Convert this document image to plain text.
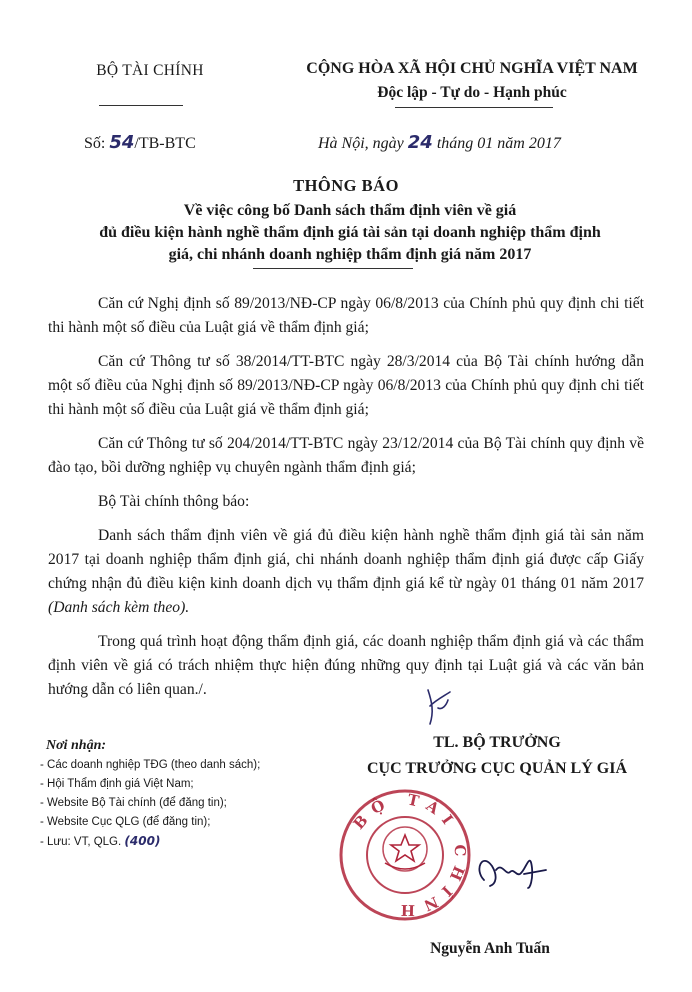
BỘ TÀI CHÍNH	CỘNG HÒA XÃ HỘI CHỦ NGHĨA VIỆT NAM
Độc lập - Tự do - Hạnh phúc
Số: 54/TB-BTC	Hà Nội, ngày 24 tháng 01 năm 2017
THÔNG BÁO
Về việc công bố Danh sách thẩm định viên về giá
đủ điều kiện hành nghề thẩm định giá tài sản tại doanh nghiệp thẩm định
giá, chi nhánh doanh nghiệp thẩm định giá năm 2017

Căn cứ Nghị định số 89/2013/NĐ-CP ngày 06/8/2013 của Chính phủ quy định chi tiết thi hành một số điều của Luật giá về thẩm định giá;

Căn cứ Thông tư số 38/2014/TT-BTC ngày 28/3/2014 của Bộ Tài chính hướng dẫn một số điều của Nghị định số 89/2013/NĐ-CP ngày 06/8/2013 của Chính phủ quy định chi tiết thi hành một số điều của Luật giá về thẩm định giá;

Căn cứ Thông tư số 204/2014/TT-BTC ngày 23/12/2014 của Bộ Tài chính quy định về đào tạo, bồi dưỡng nghiệp vụ chuyên ngành thẩm định giá;

Bộ Tài chính thông báo:

Danh sách thẩm định viên về giá đủ điều kiện hành nghề thẩm định giá tài sản năm 2017 tại doanh nghiệp thẩm định giá, chi nhánh doanh nghiệp thẩm định giá được cấp Giấy chứng nhận đủ điều kiện kinh doanh dịch vụ thẩm định giá kể từ ngày 01 tháng 01 năm 2017 (Danh sách kèm theo).

Trong quá trình hoạt động thẩm định giá, các doanh nghiệp thẩm định giá và các thẩm định viên về giá có trách nhiệm thực hiện đúng những quy định tại Luật giá và các văn bản hướng dẫn có liên quan./.

Nơi nhận:
- Các doanh nghiệp TĐG (theo danh sách);
- Hội Thẩm định giá Việt Nam;
- Website Bộ Tài chính (để đăng tin);
- Website Cục QLG (để đăng tin);
- Lưu: VT, QLG. (400)
TL. BỘ TRƯỞNG
CỤC TRƯỞNG CỤC QUẢN LÝ GIÁ
BỘ TÀI CHÍNH
Nguyễn Anh Tuấn
